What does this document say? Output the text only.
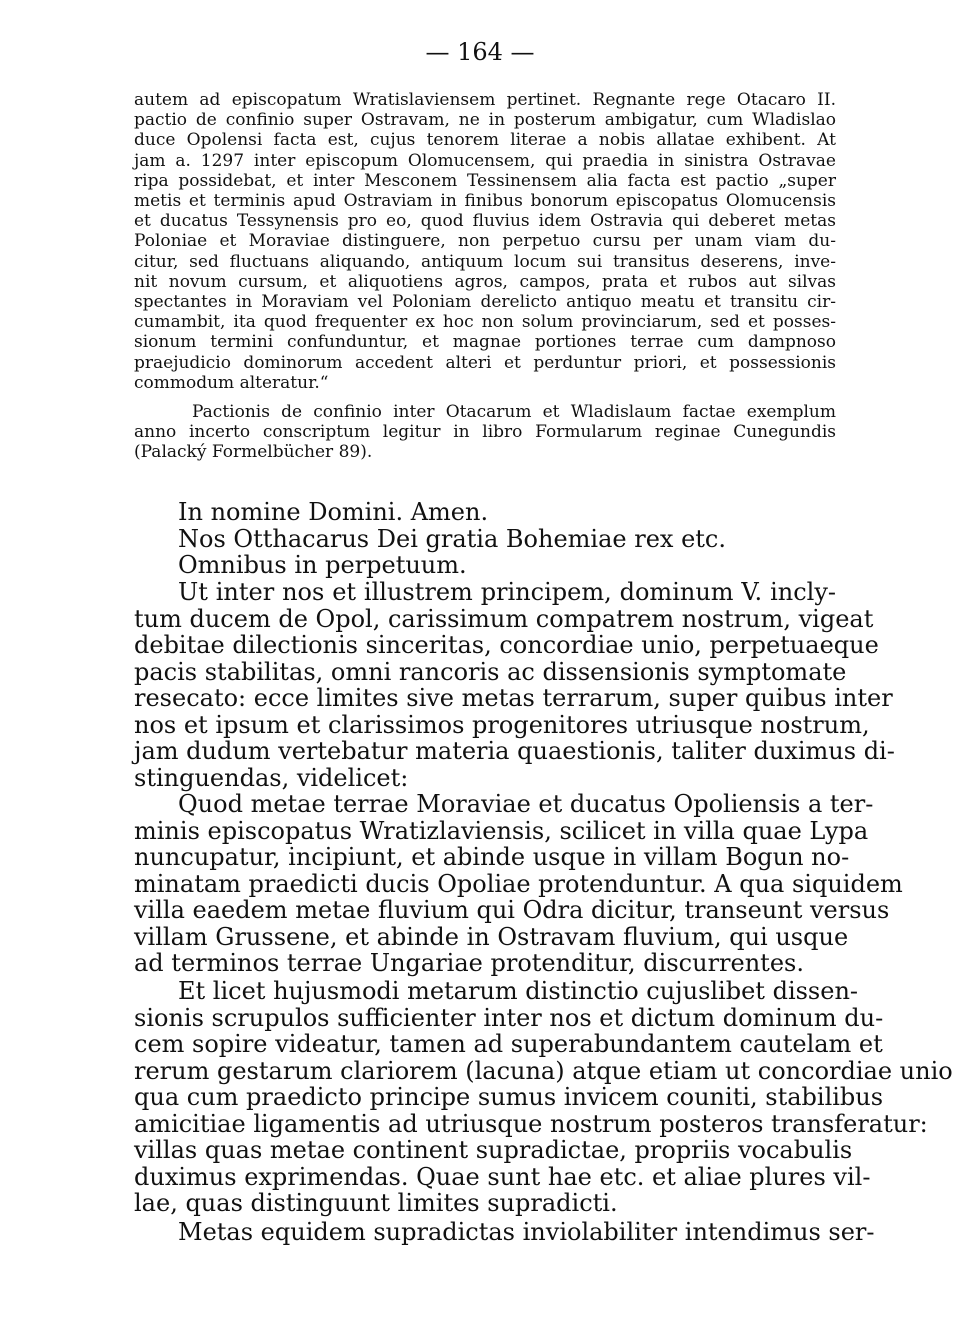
— 164 —
autem ad episcopatum Wratislaviensem pertinet. Regnante rege Otacaro II.
pactio de confinio super Ostravam, ne in posterum ambigatur, cum Wladislao
duce Opolensi facta est, cujus tenorem literae a nobis allatae exhibent. At
jam a. 1297 inter episcopum Olomucensem, qui praedia in sinistra Ostravae
ripa possidebat, et inter Mesconem Tessinensem alia facta est pactio „super
metis et terminis apud Ostraviam in finibus bonorum episcopatus Olomucensis
et ducatus Tessynensis pro eo, quod fluvius idem Ostravia qui deberet metas
Poloniae et Moraviae distinguere, non perpetuo cursu per unam viam du-
citur, sed fluctuans aliquando, antiquum locum sui transitus deserens, inve-
nit novum cursum, et aliquotiens agros, campos, prata et rubos aut silvas
spectantes in Moraviam vel Poloniam derelicto antiquo meatu et transitu cir-
cumambit, ita quod frequenter ex hoc non solum provinciarum, sed et posses-
sionum termini confunduntur, et magnae portiones terrae cum dampnoso
praejudicio dominorum accedent alteri et perduntur priori, et possessionis
commodum alteratur.“
Pactionis de confinio inter Otacarum et Wladislaum factae exemplum
anno incerto conscriptum legitur in libro Formularum reginae Cunegundis
(Palacký Formelbücher 89).
In nomine Domini. Amen.
Nos Otthacarus Dei gratia Bohemiae rex etc.
Omnibus in perpetuum.
Ut inter nos et illustrem principem, dominum V. incly-
tum ducem de Opol, carissimum compatrem nostrum, vigeat
debitae dilectionis sinceritas, concordiae unio, perpetuaeque
pacis stabilitas, omni rancoris ac dissensionis symptomate
resecato: ecce limites sive metas terrarum, super quibus inter
nos et ipsum et clarissimos progenitores utriusque nostrum,
jam dudum vertebatur materia quaestionis, taliter duximus di-
stinguendas, videlicet:
Quod metae terrae Moraviae et ducatus Opoliensis a ter-
minis episcopatus Wratizlaviensis, scilicet in villa quae Lypa
nuncupatur, incipiunt, et abinde usque in villam Bogun no-
minatam praedicti ducis Opoliae protenduntur. A qua siquidem
villa eaedem metae fluvium qui Odra dicitur, transeunt versus
villam Grussene, et abinde in Ostravam fluvium, qui usque
ad terminos terrae Ungariae protenditur, discurrentes.
Et licet hujusmodi metarum distinctio cujuslibet dissen-
sionis scrupulos sufficienter inter nos et dictum dominum du-
cem sopire videatur, tamen ad superabundantem cautelam et
rerum gestarum clariorem (lacuna) atque etiam ut concordiae unio
qua cum praedicto principe sumus invicem couniti, stabilibus
amicitiae ligamentis ad utriusque nostrum posteros transferatur:
villas quas metae continent supradictae, propriis vocabulis
duximus exprimendas. Quae sunt hae etc. et aliae plures vil-
lae, quas distinguunt limites supradicti.
Metas equidem supradictas inviolabiliter intendimus ser-
